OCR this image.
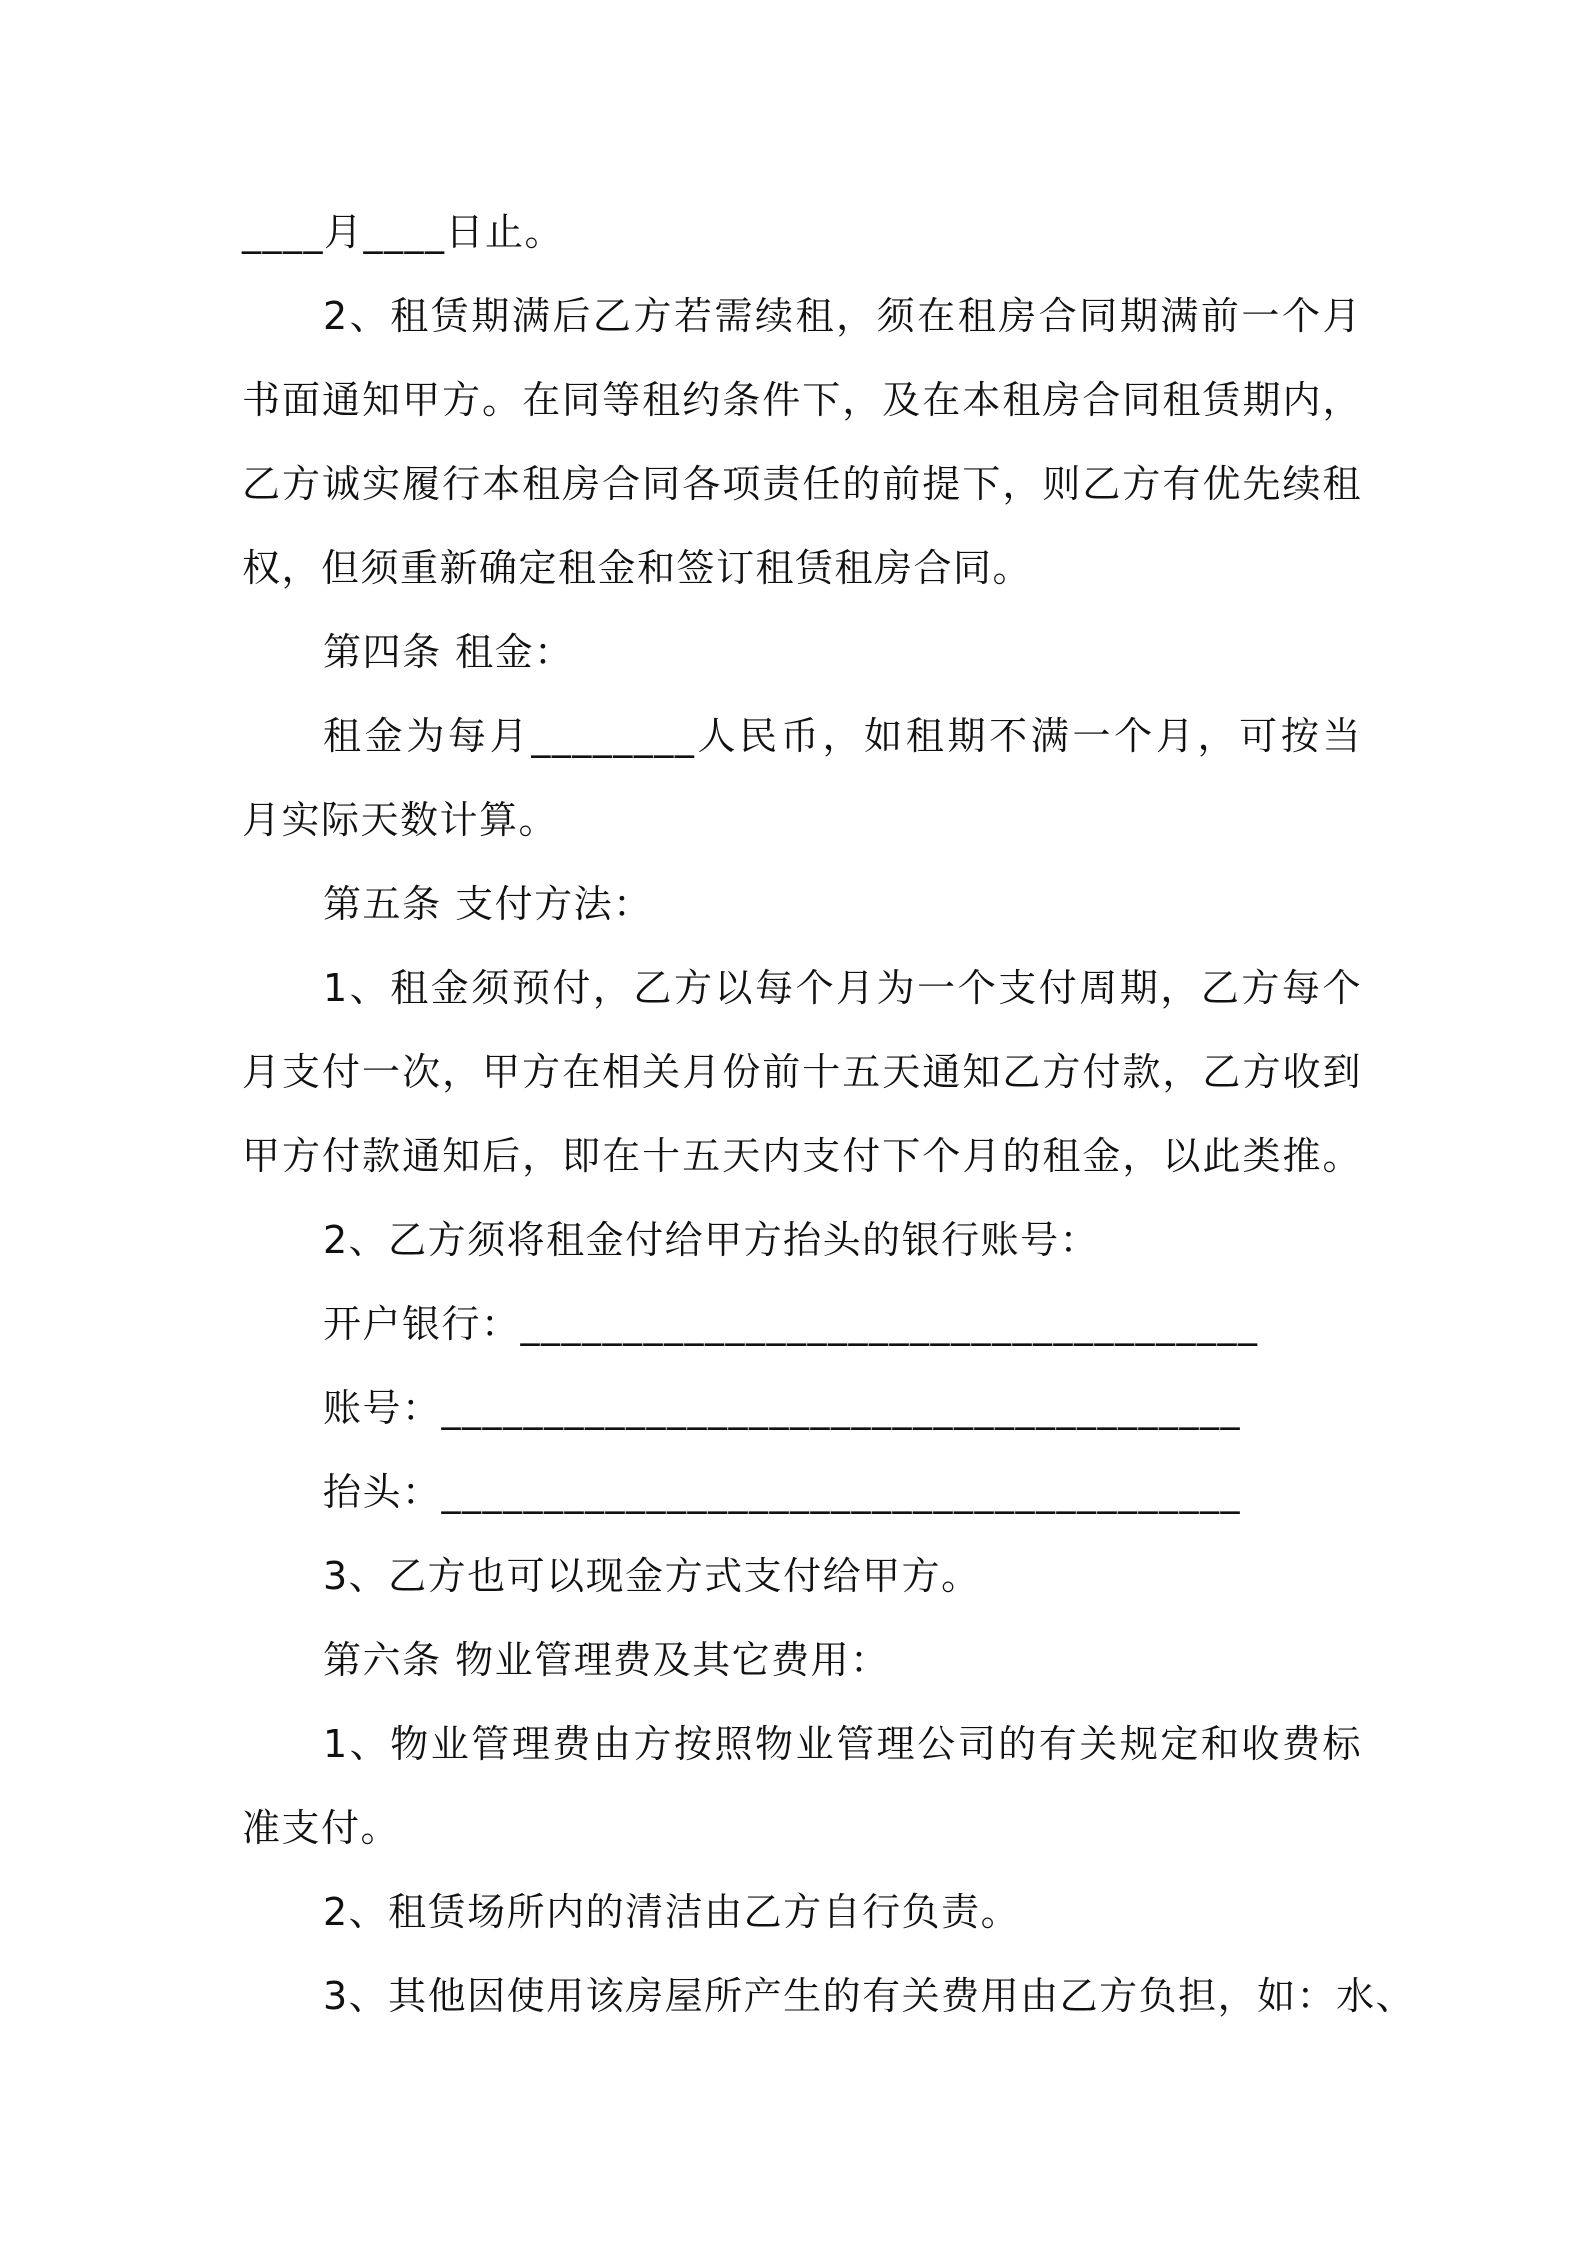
____月____日止。
2、租赁期满后乙方若需续租，须在租房合同期满前一个月
书面通知甲方。在同等租约条件下，及在本租房合同租赁期内，
乙方诚实履行本租房合同各项责任的前提下，则乙方有优先续租
权，但须重新确定租金和签订租赁租房合同。
第四条 租金：
租金为每月________人民币，如租期不满一个月，可按当
月实际天数计算。
第五条 支付方法：
1、租金须预付，乙方以每个月为一个支付周期，乙方每个
月支付一次，甲方在相关月份前十五天通知乙方付款，乙方收到
甲方付款通知后，即在十五天内支付下个月的租金，以此类推。
2、乙方须将租金付给甲方抬头的银行账号：
开户银行：____________________________________
账号：_______________________________________
抬头：_______________________________________
3、乙方也可以现金方式支付给甲方。
第六条 物业管理费及其它费用：
1、物业管理费由方按照物业管理公司的有关规定和收费标
准支付。
2、租赁场所内的清洁由乙方自行负责。
3、其他因使用该房屋所产生的有关费用由乙方负担，如：水、
